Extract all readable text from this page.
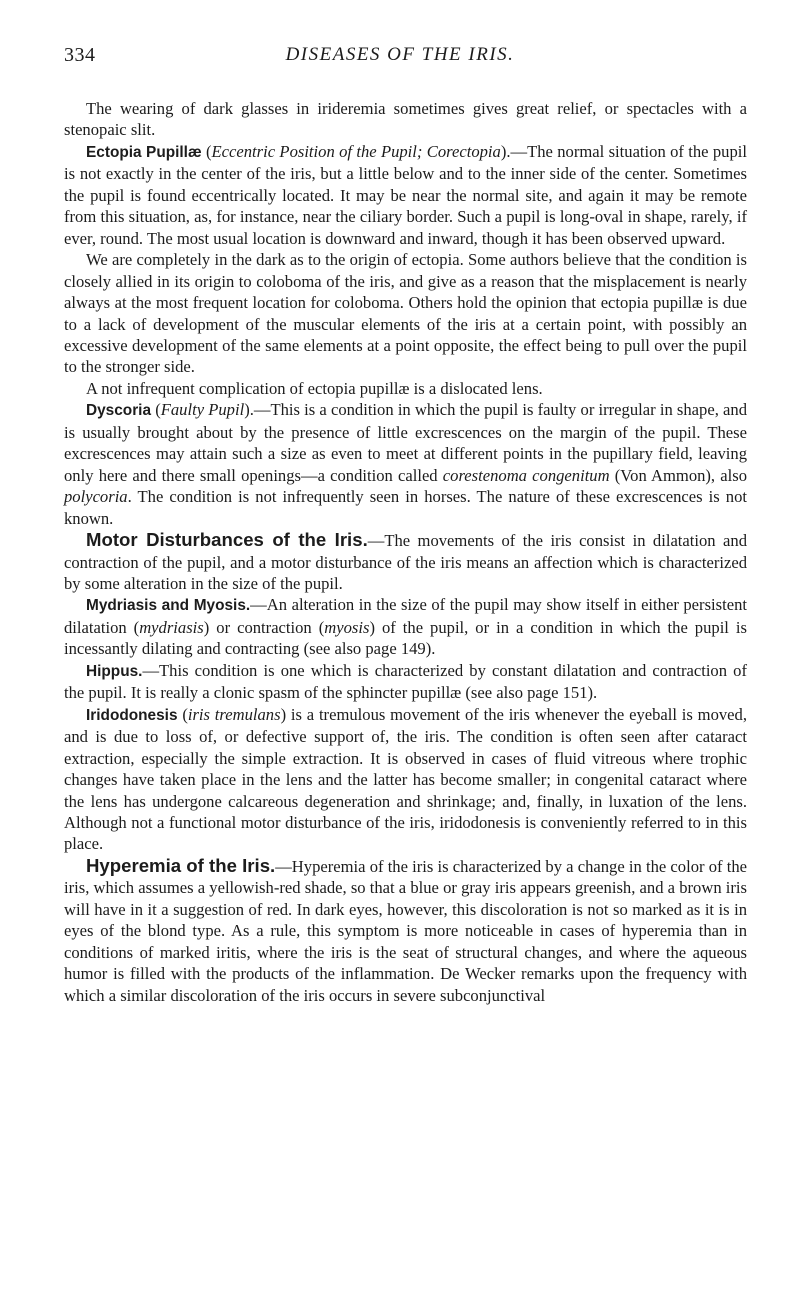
334	DISEASES OF THE IRIS.

The wearing of dark glasses in irideremia sometimes gives great relief, or spectacles with a stenopaic slit.

Ectopia Pupillæ (Eccentric Position of the Pupil; Corectopia).—The normal situation of the pupil is not exactly in the center of the iris, but a little below and to the inner side of the center. Sometimes the pupil is found eccentrically located. It may be near the normal site, and again it may be remote from this situation, as, for instance, near the ciliary border. Such a pupil is long-oval in shape, rarely, if ever, round. The most usual location is downward and inward, though it has been observed upward.

We are completely in the dark as to the origin of ectopia. Some authors believe that the condition is closely allied in its origin to coloboma of the iris, and give as a reason that the misplacement is nearly always at the most frequent location for coloboma. Others hold the opinion that ectopia pupillæ is due to a lack of development of the muscular elements of the iris at a certain point, with possibly an excessive development of the same elements at a point opposite, the effect being to pull over the pupil to the stronger side.

A not infrequent complication of ectopia pupillæ is a dislocated lens.

Dyscoria (Faulty Pupil).—This is a condition in which the pupil is faulty or irregular in shape, and is usually brought about by the presence of little excrescences on the margin of the pupil. These excrescences may attain such a size as even to meet at different points in the pupillary field, leaving only here and there small openings—a condition called corestenoma congenitum (Von Ammon), also polycoria. The condition is not infrequently seen in horses. The nature of these excrescences is not known.

Motor Disturbances of the Iris.—The movements of the iris consist in dilatation and contraction of the pupil, and a motor disturbance of the iris means an affection which is characterized by some alteration in the size of the pupil.

Mydriasis and Myosis.—An alteration in the size of the pupil may show itself in either persistent dilatation (mydriasis) or contraction (myosis) of the pupil, or in a condition in which the pupil is incessantly dilating and contracting (see also page 149).

Hippus.—This condition is one which is characterized by constant dilatation and contraction of the pupil. It is really a clonic spasm of the sphincter pupillæ (see also page 151).

Iridodonesis (iris tremulans) is a tremulous movement of the iris whenever the eyeball is moved, and is due to loss of, or defective support of, the iris. The condition is often seen after cataract extraction, especially the simple extraction. It is observed in cases of fluid vitreous where trophic changes have taken place in the lens and the latter has become smaller; in congenital cataract where the lens has undergone calcareous degeneration and shrinkage; and, finally, in luxation of the lens. Although not a functional motor disturbance of the iris, iridodonesis is conveniently referred to in this place.

Hyperemia of the Iris.—Hyperemia of the iris is characterized by a change in the color of the iris, which assumes a yellowish-red shade, so that a blue or gray iris appears greenish, and a brown iris will have in it a suggestion of red. In dark eyes, however, this discoloration is not so marked as it is in eyes of the blond type. As a rule, this symptom is more noticeable in cases of hyperemia than in conditions of marked iritis, where the iris is the seat of structural changes, and where the aqueous humor is filled with the products of the inflammation. De Wecker remarks upon the frequency with which a similar discoloration of the iris occurs in severe subconjunctival
